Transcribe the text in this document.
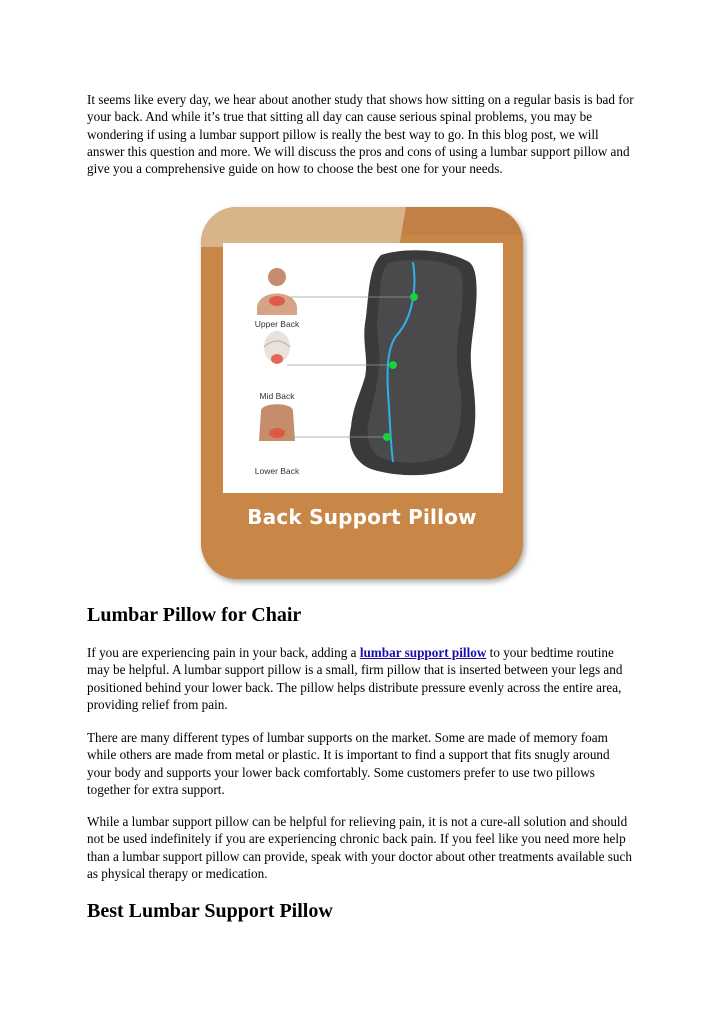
It seems like every day, we hear about another study that shows how sitting on a regular basis is bad for your back. And while it’s true that sitting all day can cause serious spinal problems, you may be wondering if using a lumbar support pillow is really the best way to go. In this blog post, we will answer this question and more. We will discuss the pros and cons of using a lumbar support pillow and give you a comprehensive guide on how to choose the best one for your needs.

Upper Back
Mid Back
Lower Back
Back Support Pillow
Lumbar Pillow for Chair

If you are experiencing pain in your back, adding a lumbar support pillow to your bedtime routine may be helpful. A lumbar support pillow is a small, firm pillow that is inserted between your legs and positioned behind your lower back. The pillow helps distribute pressure evenly across the entire area, providing relief from pain.

There are many different types of lumbar supports on the market. Some are made of memory foam while others are made from metal or plastic. It is important to find a support that fits snugly around your body and supports your lower back comfortably. Some customers prefer to use two pillows together for extra support.

While a lumbar support pillow can be helpful for relieving pain, it is not a cure-all solution and should not be used indefinitely if you are experiencing chronic back pain. If you feel like you need more help than a lumbar support pillow can provide, speak with your doctor about other treatments available such as physical therapy or medication.

Best Lumbar Support Pillow
